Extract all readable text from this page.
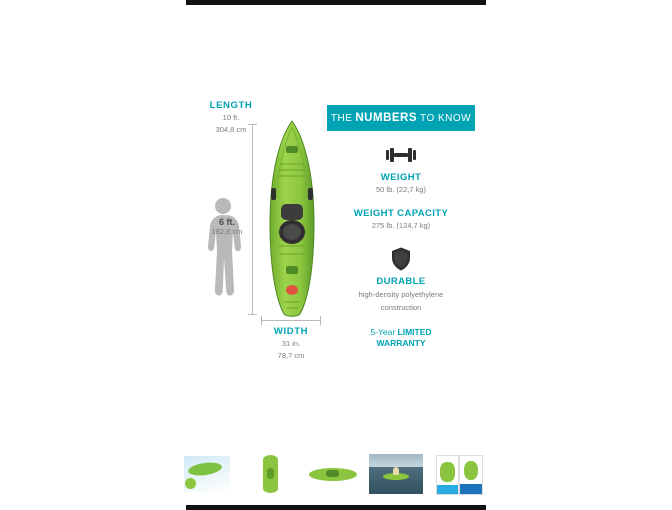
LENGTH
10 ft.
304,8 cm
6 ft.
182,8 cm
WIDTH
31 in.
78,7 cm
THE NUMBERS TO KNOW
WEIGHT
50 lb. (22,7 kg)
WEIGHT CAPACITY
275 lb. (124,7 kg)
DURABLE
high-density polyethylene
construction
5-Year LIMITED
WARRANTY
